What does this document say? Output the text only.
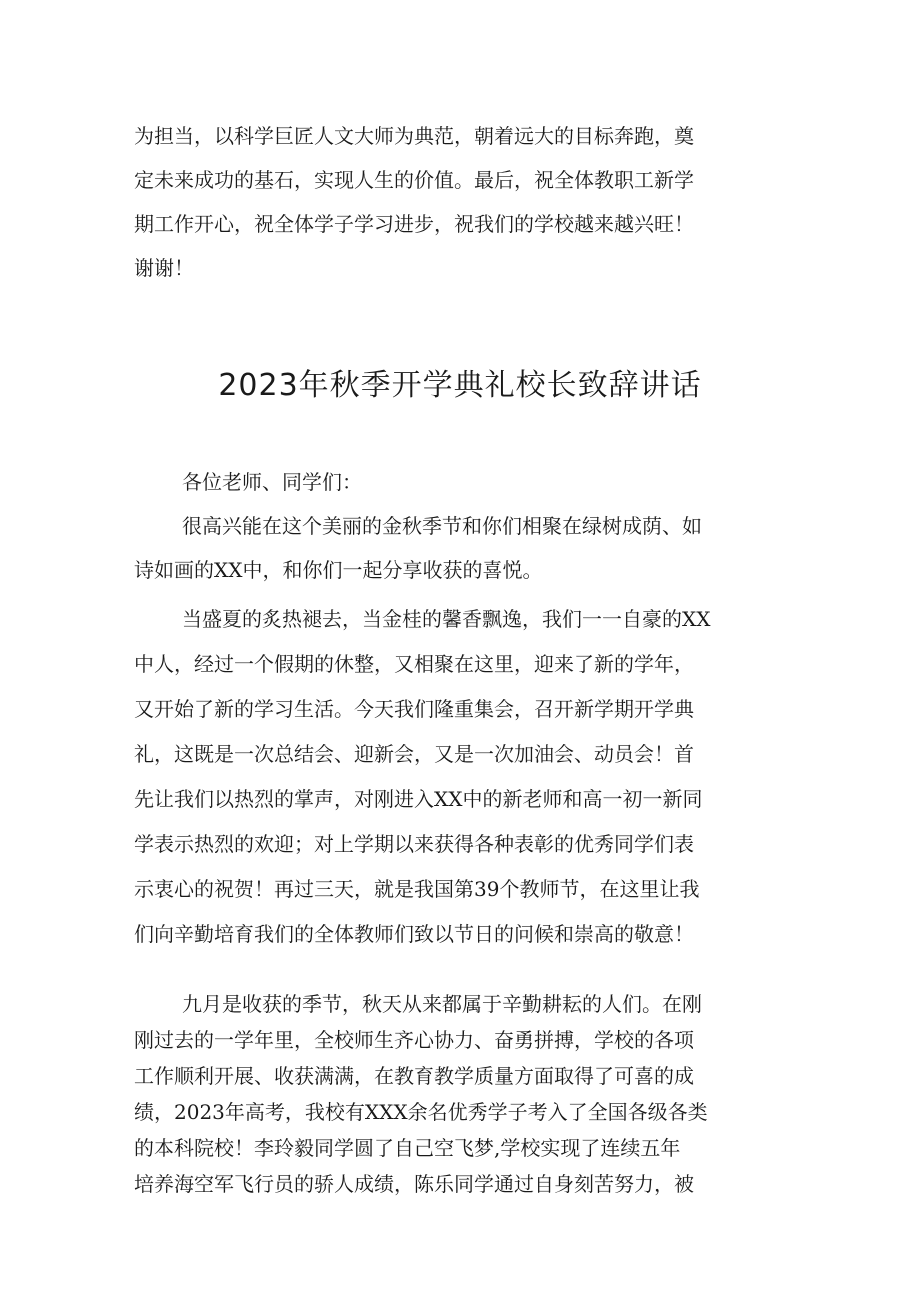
为担当，以科学巨匠人文大师为典范，朝着远大的目标奔跑，奠
定未来成功的基石，实现人生的价值。最后，祝全体教职工新学
期工作开心，祝全体学子学习进步，祝我们的学校越来越兴旺！
谢谢！
2023年秋季开学典礼校长致辞讲话
各位老师、同学们：
很高兴能在这个美丽的金秋季节和你们相聚在绿树成荫、如
诗如画的XX中，和你们一起分享收获的喜悦。
当盛夏的炙热褪去，当金桂的馨香飘逸，我们一一自豪的XX
中人，经过一个假期的休整，又相聚在这里，迎来了新的学年，
又开始了新的学习生活。今天我们隆重集会，召开新学期开学典
礼，这既是一次总结会、迎新会，又是一次加油会、动员会！首
先让我们以热烈的掌声，对刚进入XX中的新老师和高一初一新同
学表示热烈的欢迎；对上学期以来获得各种表彰的优秀同学们表
示衷心的祝贺！再过三天，就是我国第39个教师节，在这里让我
们向辛勤培育我们的全体教师们致以节日的问候和崇高的敬意！
九月是收获的季节，秋天从来都属于辛勤耕耘的人们。在刚
刚过去的一学年里，全校师生齐心协力、奋勇拼搏，学校的各项
工作顺利开展、收获满满，在教育教学质量方面取得了可喜的成
绩，2023年高考，我校有XXX余名优秀学子考入了全国各级各类
的本科院校！李玲毅同学圆了自己空飞梦,学校实现了连续五年
培养海空军飞行员的骄人成绩，陈乐同学通过自身刻苦努力，被
